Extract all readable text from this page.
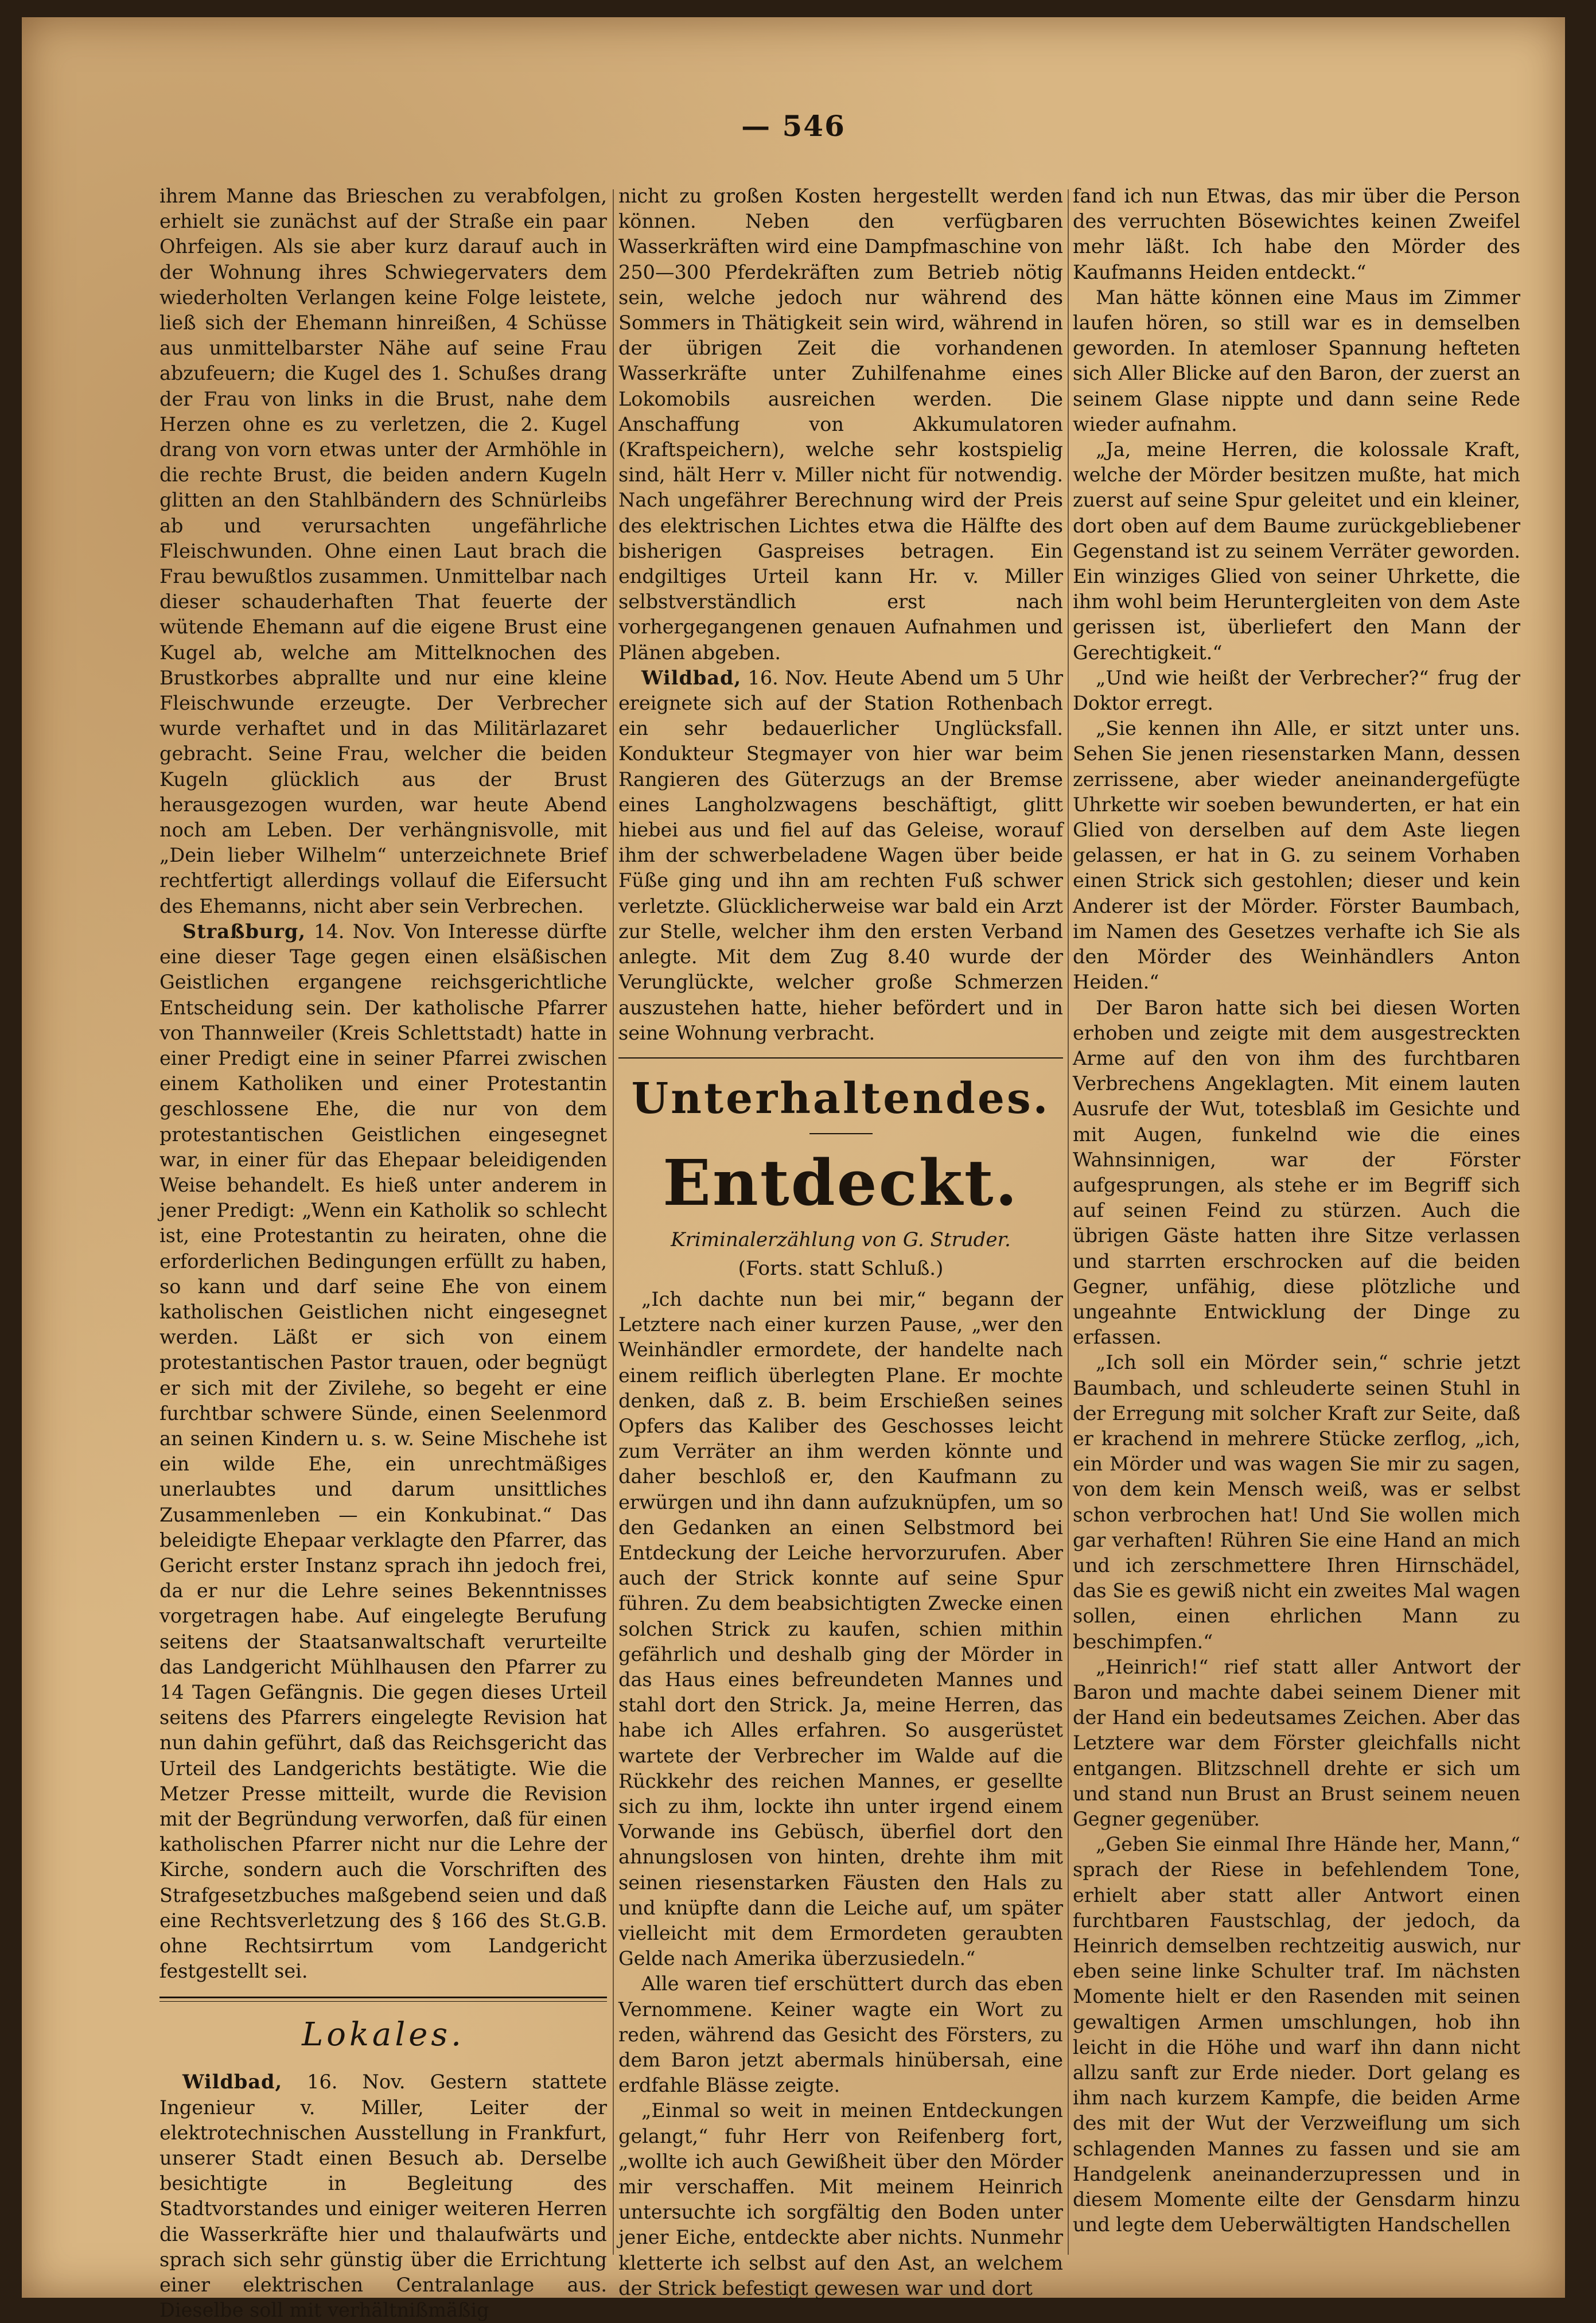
— 546

ihrem Manne das Brieschen zu verabfolgen, erhielt sie zunächst auf der Straße ein paar Ohrfeigen. Als sie aber kurz darauf auch in der Wohnung ihres Schwiegervaters dem wiederholten Verlangen keine Folge leistete, ließ sich der Ehemann hinreißen, 4 Schüsse aus unmittelbarster Nähe auf seine Frau abzufeuern; die Kugel des 1. Schußes drang der Frau von links in die Brust, nahe dem Herzen ohne es zu verletzen, die 2. Kugel drang von vorn etwas unter der Armhöhle in die rechte Brust, die beiden andern Kugeln glitten an den Stahlbändern des Schnürleibs ab und verursachten ungefährliche Fleischwunden. Ohne einen Laut brach die Frau bewußtlos zusammen. Unmittelbar nach dieser schauderhaften That feuerte der wütende Ehemann auf die eigene Brust eine Kugel ab, welche am Mittelknochen des Brustkorbes abprallte und nur eine kleine Fleischwunde erzeugte. Der Verbrecher wurde verhaftet und in das Militärlazaret gebracht. Seine Frau, welcher die beiden Kugeln glücklich aus der Brust herausgezogen wurden, war heute Abend noch am Leben. Der verhängnisvolle, mit „Dein lieber Wilhelm“ unterzeichnete Brief rechtfertigt allerdings vollauf die Eifersucht des Ehemanns, nicht aber sein Verbrechen.

Straßburg, 14. Nov. Von Interesse dürfte eine dieser Tage gegen einen elsäßischen Geistlichen ergangene reichsgerichtliche Entscheidung sein. Der katholische Pfarrer von Thannweiler (Kreis Schlettstadt) hatte in einer Predigt eine in seiner Pfarrei zwischen einem Katholiken und einer Protestantin geschlossene Ehe, die nur von dem protestantischen Geistlichen eingesegnet war, in einer für das Ehepaar beleidigenden Weise behandelt. Es hieß unter anderem in jener Predigt: „Wenn ein Katholik so schlecht ist, eine Protestantin zu heiraten, ohne die erforderlichen Bedingungen erfüllt zu haben, so kann und darf seine Ehe von einem katholischen Geistlichen nicht eingesegnet werden. Läßt er sich von einem protestantischen Pastor trauen, oder begnügt er sich mit der Zivilehe, so begeht er eine furchtbar schwere Sünde, einen Seelenmord an seinen Kindern u. s. w. Seine Mischehe ist ein wilde Ehe, ein unrechtmäßiges unerlaubtes und darum unsittliches Zusammenleben — ein Konkubinat.“ Das beleidigte Ehepaar verklagte den Pfarrer, das Gericht erster Instanz sprach ihn jedoch frei, da er nur die Lehre seines Bekenntnisses vorgetragen habe. Auf eingelegte Berufung seitens der Staatsanwaltschaft verurteilte das Landgericht Mühlhausen den Pfarrer zu 14 Tagen Gefängnis. Die gegen dieses Urteil seitens des Pfarrers eingelegte Revision hat nun dahin geführt, daß das Reichsgericht das Urteil des Landgerichts bestätigte. Wie die Metzer Presse mitteilt, wurde die Revision mit der Begründung verworfen, daß für einen katholischen Pfarrer nicht nur die Lehre der Kirche, sondern auch die Vorschriften des Strafgesetzbuches maßgebend seien und daß eine Rechtsverletzung des § 166 des St.G.B. ohne Rechtsirrtum vom Landgericht festgestellt sei.

Lokales.

Wildbad, 16. Nov. Gestern stattete Ingenieur v. Miller, Leiter der elektrotechnischen Ausstellung in Frankfurt, unserer Stadt einen Besuch ab. Derselbe besichtigte in Begleitung des Stadtvorstandes und einiger weiteren Herren die Wasserkräfte hier und thalaufwärts und sprach sich sehr günstig über die Errichtung einer elektrischen Centralanlage aus. Dieselbe soll mit verhältnißmäßig

nicht zu großen Kosten hergestellt werden können. Neben den verfügbaren Wasserkräften wird eine Dampfmaschine von 250—300 Pferdekräften zum Betrieb nötig sein, welche jedoch nur während des Sommers in Thätigkeit sein wird, während in der übrigen Zeit die vorhandenen Wasserkräfte unter Zuhilfenahme eines Lokomobils ausreichen werden. Die Anschaffung von Akkumulatoren (Kraftspeichern), welche sehr kostspielig sind, hält Herr v. Miller nicht für notwendig. Nach ungefährer Berechnung wird der Preis des elektrischen Lichtes etwa die Hälfte des bisherigen Gaspreises betragen. Ein endgiltiges Urteil kann Hr. v. Miller selbstverständlich erst nach vorhergegangenen genauen Aufnahmen und Plänen abgeben.

Wildbad, 16. Nov. Heute Abend um 5 Uhr ereignete sich auf der Station Rothenbach ein sehr bedauerlicher Unglücksfall. Kondukteur Stegmayer von hier war beim Rangieren des Güterzugs an der Bremse eines Langholzwagens beschäftigt, glitt hiebei aus und fiel auf das Geleise, worauf ihm der schwerbeladene Wagen über beide Füße ging und ihn am rechten Fuß schwer verletzte. Glücklicherweise war bald ein Arzt zur Stelle, welcher ihm den ersten Verband anlegte. Mit dem Zug 8.40 wurde der Verunglückte, welcher große Schmerzen auszustehen hatte, hieher befördert und in seine Wohnung verbracht.

Unterhaltendes.
Entdeckt.
Kriminalerzählung von G. Struder.
(Forts. statt Schluß.)

„Ich dachte nun bei mir,“ begann der Letztere nach einer kurzen Pause, „wer den Weinhändler ermordete, der handelte nach einem reiflich überlegten Plane. Er mochte denken, daß z. B. beim Erschießen seines Opfers das Kaliber des Geschosses leicht zum Verräter an ihm werden könnte und daher beschloß er, den Kaufmann zu erwürgen und ihn dann aufzuknüpfen, um so den Gedanken an einen Selbstmord bei Entdeckung der Leiche hervorzurufen. Aber auch der Strick konnte auf seine Spur führen. Zu dem beabsichtigten Zwecke einen solchen Strick zu kaufen, schien mithin gefährlich und deshalb ging der Mörder in das Haus eines befreundeten Mannes und stahl dort den Strick. Ja, meine Herren, das habe ich Alles erfahren. So ausgerüstet wartete der Verbrecher im Walde auf die Rückkehr des reichen Mannes, er gesellte sich zu ihm, lockte ihn unter irgend einem Vorwande ins Gebüsch, überfiel dort den ahnungslosen von hinten, drehte ihm mit seinen riesenstarken Fäusten den Hals zu und knüpfte dann die Leiche auf, um später vielleicht mit dem Ermordeten geraubten Gelde nach Amerika überzusiedeln.“

Alle waren tief erschüttert durch das eben Vernommene. Keiner wagte ein Wort zu reden, während das Gesicht des Försters, zu dem Baron jetzt abermals hinübersah, eine erdfahle Blässe zeigte.

„Einmal so weit in meinen Entdeckungen gelangt,“ fuhr Herr von Reifenberg fort, „wollte ich auch Gewißheit über den Mörder mir verschaffen. Mit meinem Heinrich untersuchte ich sorgfältig den Boden unter jener Eiche, entdeckte aber nichts. Nunmehr kletterte ich selbst auf den Ast, an welchem der Strick befestigt gewesen war und dort

fand ich nun Etwas, das mir über die Person des verruchten Bösewichtes keinen Zweifel mehr läßt. Ich habe den Mörder des Kaufmanns Heiden entdeckt.“

Man hätte können eine Maus im Zimmer laufen hören, so still war es in demselben geworden. In atemloser Spannung hefteten sich Aller Blicke auf den Baron, der zuerst an seinem Glase nippte und dann seine Rede wieder aufnahm.

„Ja, meine Herren, die kolossale Kraft, welche der Mörder besitzen mußte, hat mich zuerst auf seine Spur geleitet und ein kleiner, dort oben auf dem Baume zurückgebliebener Gegenstand ist zu seinem Verräter geworden. Ein winziges Glied von seiner Uhrkette, die ihm wohl beim Heruntergleiten von dem Aste gerissen ist, überliefert den Mann der Gerechtigkeit.“

„Und wie heißt der Verbrecher?“ frug der Doktor erregt.

„Sie kennen ihn Alle, er sitzt unter uns. Sehen Sie jenen riesenstarken Mann, dessen zerrissene, aber wieder aneinandergefügte Uhrkette wir soeben bewunderten, er hat ein Glied von derselben auf dem Aste liegen gelassen, er hat in G. zu seinem Vorhaben einen Strick sich gestohlen; dieser und kein Anderer ist der Mörder. Förster Baumbach, im Namen des Gesetzes verhafte ich Sie als den Mörder des Weinhändlers Anton Heiden.“

Der Baron hatte sich bei diesen Worten erhoben und zeigte mit dem ausgestreckten Arme auf den von ihm des furchtbaren Verbrechens Angeklagten. Mit einem lauten Ausrufe der Wut, totesblaß im Gesichte und mit Augen, funkelnd wie die eines Wahnsinnigen, war der Förster aufgesprungen, als stehe er im Begriff sich auf seinen Feind zu stürzen. Auch die übrigen Gäste hatten ihre Sitze verlassen und starrten erschrocken auf die beiden Gegner, unfähig, diese plötzliche und ungeahnte Entwicklung der Dinge zu erfassen.

„Ich soll ein Mörder sein,“ schrie jetzt Baumbach, und schleuderte seinen Stuhl in der Erregung mit solcher Kraft zur Seite, daß er krachend in mehrere Stücke zerflog, „ich, ein Mörder und was wagen Sie mir zu sagen, von dem kein Mensch weiß, was er selbst schon verbrochen hat! Und Sie wollen mich gar verhaften! Rühren Sie eine Hand an mich und ich zerschmettere Ihren Hirnschädel, das Sie es gewiß nicht ein zweites Mal wagen sollen, einen ehrlichen Mann zu beschimpfen.“

„Heinrich!“ rief statt aller Antwort der Baron und machte dabei seinem Diener mit der Hand ein bedeutsames Zeichen. Aber das Letztere war dem Förster gleichfalls nicht entgangen. Blitzschnell drehte er sich um und stand nun Brust an Brust seinem neuen Gegner gegenüber.

„Geben Sie einmal Ihre Hände her, Mann,“ sprach der Riese in befehlendem Tone, erhielt aber statt aller Antwort einen furchtbaren Faustschlag, der jedoch, da Heinrich demselben rechtzeitig auswich, nur eben seine linke Schulter traf. Im nächsten Momente hielt er den Rasenden mit seinen gewaltigen Armen umschlungen, hob ihn leicht in die Höhe und warf ihn dann nicht allzu sanft zur Erde nieder. Dort gelang es ihm nach kurzem Kampfe, die beiden Arme des mit der Wut der Verzweiflung um sich schlagenden Mannes zu fassen und sie am Handgelenk aneinanderzupressen und in diesem Momente eilte der Gensdarm hinzu und legte dem Ueberwältigten Handschellen
